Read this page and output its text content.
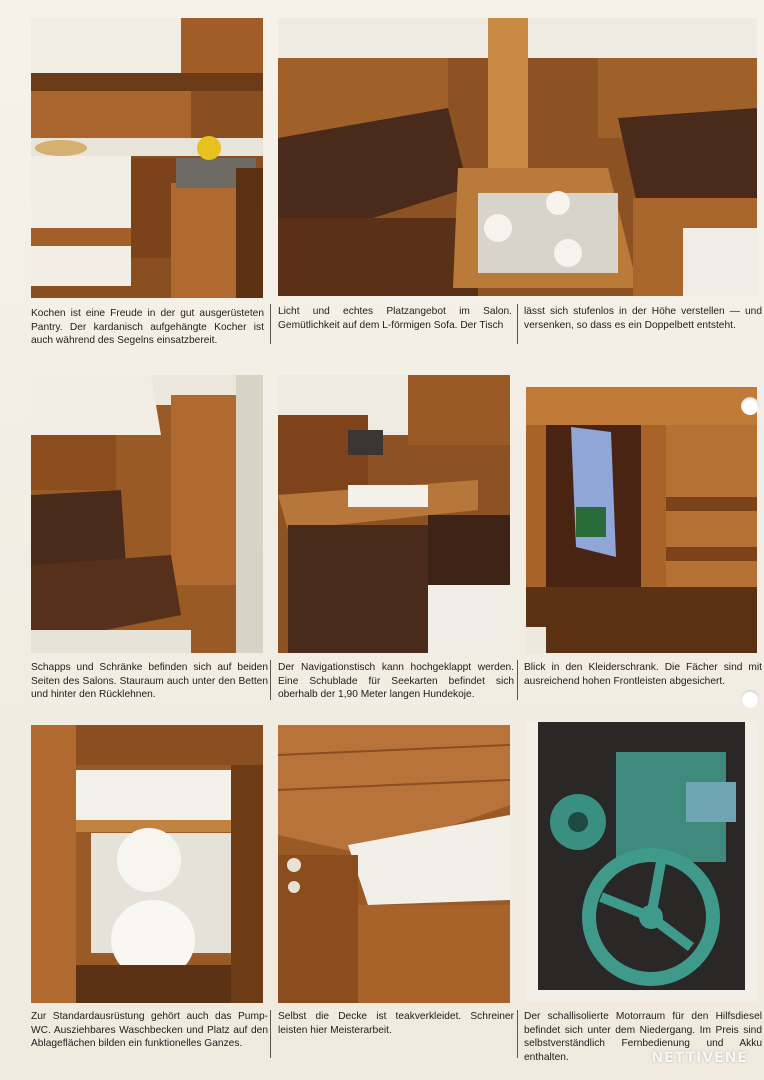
Kochen ist eine Freude in der gut ausgerüsteten Pantry. Der kardanisch aufgehängte Kocher ist auch während des Segelns einsatzbereit.
Licht und echtes Platzangebot im Salon. Gemütlichkeit auf dem L-förmigen Sofa. Der Tisch
lässt sich stufenlos in der Höhe verstellen — und versenken, so dass es ein Doppelbett entsteht.
Schapps und Schränke befinden sich auf beiden Seiten des Salons. Stauraum auch unter den Betten und hinter den Rücklehnen.
Der Navigationstisch kann hochgeklappt werden. Eine Schublade für Seekarten befindet sich oberhalb der 1,90 Meter langen Hundekoje.
Blick in den Kleiderschrank. Die Fächer sind mit ausreichend hohen Frontleisten abgesichert.
Zur Standardausrüstung gehört auch das Pump-WC. Ausziehbares Waschbecken und Platz auf den Ablageflächen bilden ein funktionelles Ganzes.
Selbst die Decke ist teakverkleidet. Schreiner leisten hier Meisterarbeit.
Der schallisolierte Motorraum für den Hilfsdiesel befindet sich unter dem Niedergang. Im Preis sind selbstverständlich Fernbedienung und Akku enthalten.	NETTIVENE
